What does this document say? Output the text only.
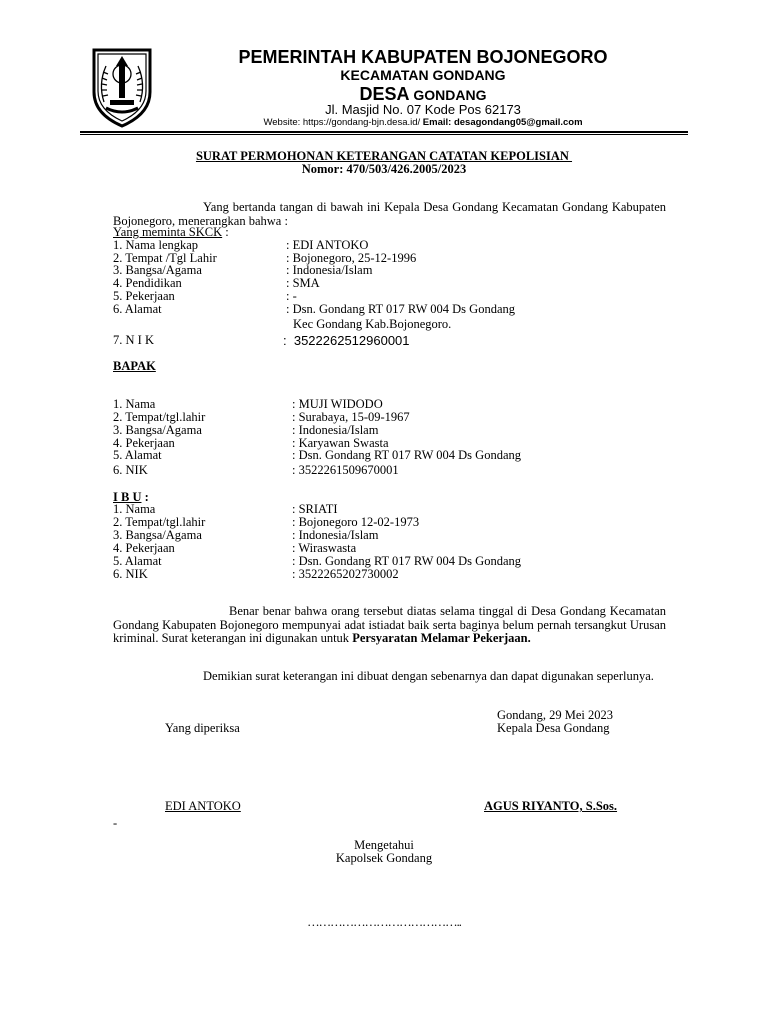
PEMERINTAH KABUPATEN BOJONEGORO
KECAMATAN GONDANG
DESA GONDANG
Jl. Masjid No. 07 Kode Pos 62173
Website: https://gondang-bjn.desa.id/ Email: desagondang05@gmail.com
SURAT PERMOHONAN KETERANGAN CATATAN KEPOLISIAN
Nomor: 470/503/426.2005/2023
Yang bertanda tangan di bawah ini Kepala Desa Gondang Kecamatan Gondang Kabupaten Bojonegoro, menerangkan bahwa :
Yang meminta SKCK :
1. Nama lengkap	: EDI ANTOKO
2. Tempat /Tgl Lahir	: Bojonegoro, 25-12-1996
3. Bangsa/Agama	: Indonesia/Islam
4. Pendidikan	: SMA
5. Pekerjaan	: -
6. Alamat	: Dsn. Gondang RT 017 RW 004 Ds Gondang
Kec Gondang Kab.Bojonegoro.
7. N I K	:  3522262512960001
BAPAK
1. Nama	: MUJI WIDODO
2. Tempat/tgl.lahir	: Surabaya, 15-09-1967
3. Bangsa/Agama	: Indonesia/Islam
4. Pekerjaan	: Karyawan Swasta
5. Alamat	: Dsn. Gondang RT 017 RW 004 Ds Gondang
6. NIK	: 3522261509670001
I B U :
1. Nama	: SRIATI
2. Tempat/tgl.lahir	: Bojonegoro 12-02-1973
3. Bangsa/Agama	: Indonesia/Islam
4. Pekerjaan	: Wiraswasta
5. Alamat	: Dsn. Gondang RT 017 RW 004 Ds Gondang
6. NIK	: 3522265202730002
Benar benar bahwa orang tersebut diatas selama tinggal di Desa Gondang Kecamatan Gondang Kabupaten Bojonegoro mempunyai adat istiadat baik serta baginya belum pernah tersangkut Urusan kriminal. Surat keterangan ini digunakan untuk Persyaratan Melamar Pekerjaan.
Demikian surat keterangan ini dibuat dengan sebenarnya dan dapat digunakan seperlunya.
Gondang, 29 Mei 2023
Yang diperiksa	Kepala Desa Gondang
EDI ANTOKO	AGUS RIYANTO, S.Sos.
-
Mengetahui
Kapolsek Gondang
…………………………………..
